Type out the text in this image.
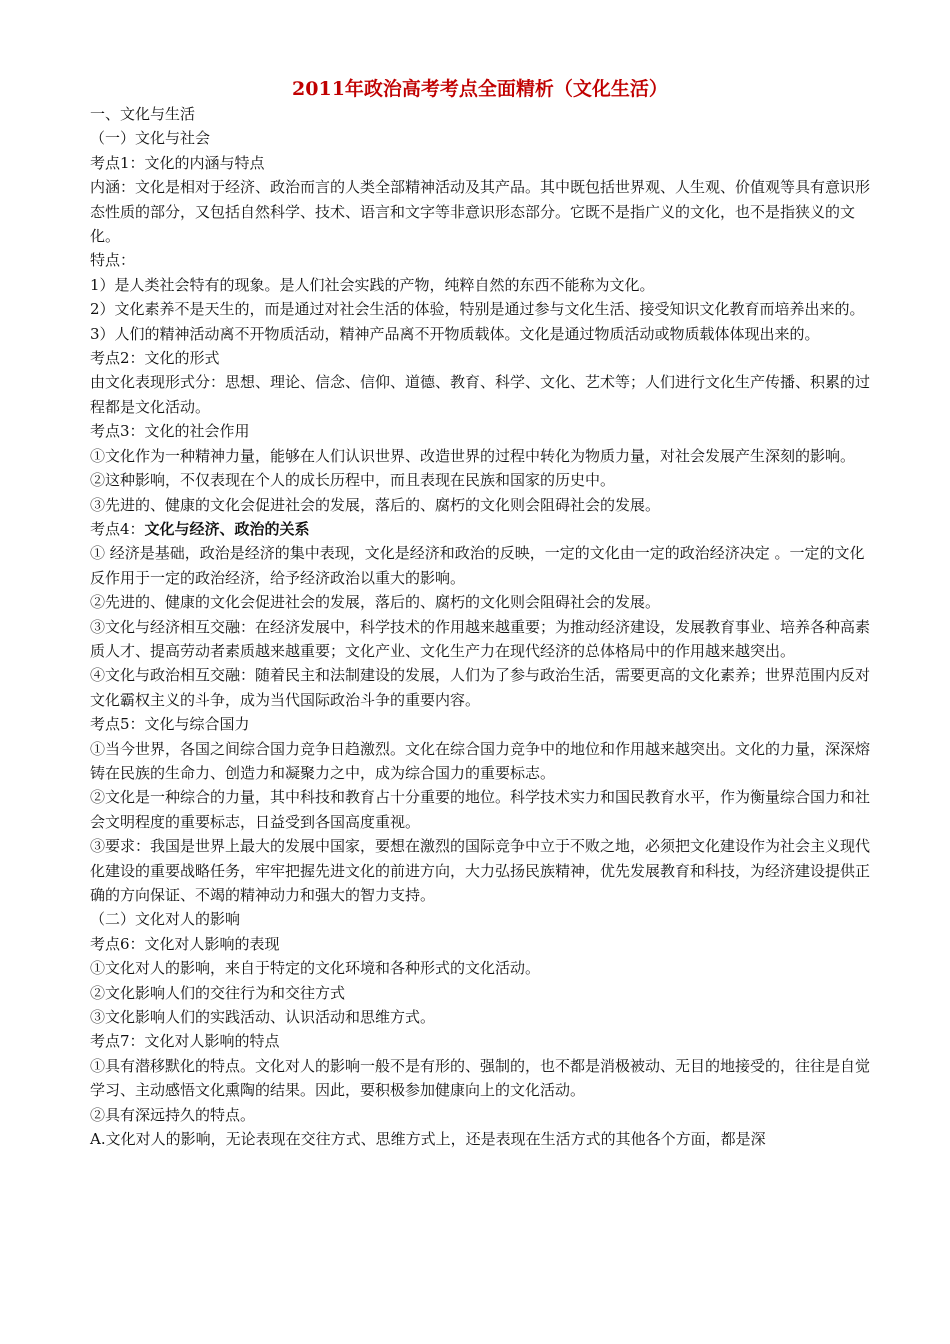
2011年政治高考考点全面精析（文化生活）

一、文化与生活

（一）文化与社会

考点1：文化的内涵与特点

内涵：文化是相对于经济、政治而言的人类全部精神活动及其产品。其中既包括世界观、人生观、价值观等具有意识形态性质的部分，又包括自然科学、技术、语言和文字等非意识形态部分。它既不是指广义的文化，也不是指狭义的文化。

特点：

1）是人类社会特有的现象。是人们社会实践的产物，纯粹自然的东西不能称为文化。

2）文化素养不是天生的，而是通过对社会生活的体验，特别是通过参与文化生活、接受知识文化教育而培养出来的。

3）人们的精神活动离不开物质活动，精神产品离不开物质载体。文化是通过物质活动或物质载体体现出来的。

考点2：文化的形式

由文化表现形式分：思想、理论、信念、信仰、道德、教育、科学、文化、艺术等；人们进行文化生产传播、积累的过程都是文化活动。

考点3：文化的社会作用

①文化作为一种精神力量，能够在人们认识世界、改造世界的过程中转化为物质力量，对社会发展产生深刻的影响。

②这种影响，不仅表现在个人的成长历程中，而且表现在民族和国家的历史中。

③先进的、健康的文化会促进社会的发展，落后的、腐朽的文化则会阻碍社会的发展。

考点4：文化与经济、政治的关系

① 经济是基础，政治是经济的集中表现，文化是经济和政治的反映，一定的文化由一定的政治经济决定 。一定的文化反作用于一定的政治经济，给予经济政治以重大的影响。

②先进的、健康的文化会促进社会的发展，落后的、腐朽的文化则会阻碍社会的发展。

③文化与经济相互交融：在经济发展中，科学技术的作用越来越重要；为推动经济建设，发展教育事业、培养各种高素质人才、提高劳动者素质越来越重要；文化产业、文化生产力在现代经济的总体格局中的作用越来越突出。

④文化与政治相互交融：随着民主和法制建设的发展，人们为了参与政治生活，需要更高的文化素养；世界范围内反对文化霸权主义的斗争，成为当代国际政治斗争的重要内容。

考点5：文化与综合国力

①当今世界，各国之间综合国力竞争日趋激烈。文化在综合国力竞争中的地位和作用越来越突出。文化的力量，深深熔铸在民族的生命力、创造力和凝聚力之中，成为综合国力的重要标志。

②文化是一种综合的力量，其中科技和教育占十分重要的地位。科学技术实力和国民教育水平，作为衡量综合国力和社会文明程度的重要标志，日益受到各国高度重视。

③要求：我国是世界上最大的发展中国家，要想在激烈的国际竞争中立于不败之地，必须把文化建设作为社会主义现代化建设的重要战略任务，牢牢把握先进文化的前进方向，大力弘扬民族精神，优先发展教育和科技，为经济建设提供正确的方向保证、不竭的精神动力和强大的智力支持。

（二）文化对人的影响

考点6：文化对人影响的表现

①文化对人的影响，来自于特定的文化环境和各种形式的文化活动。

②文化影响人们的交往行为和交往方式

③文化影响人们的实践活动、认识活动和思维方式。

考点7：文化对人影响的特点

①具有潜移默化的特点。文化对人的影响一般不是有形的、强制的，也不都是消极被动、无目的地接受的，往往是自觉学习、主动感悟文化熏陶的结果。因此，要积极参加健康向上的文化活动。

②具有深远持久的特点。

A.文化对人的影响，无论表现在交往方式、思维方式上，还是表现在生活方式的其他各个方面，都是深
